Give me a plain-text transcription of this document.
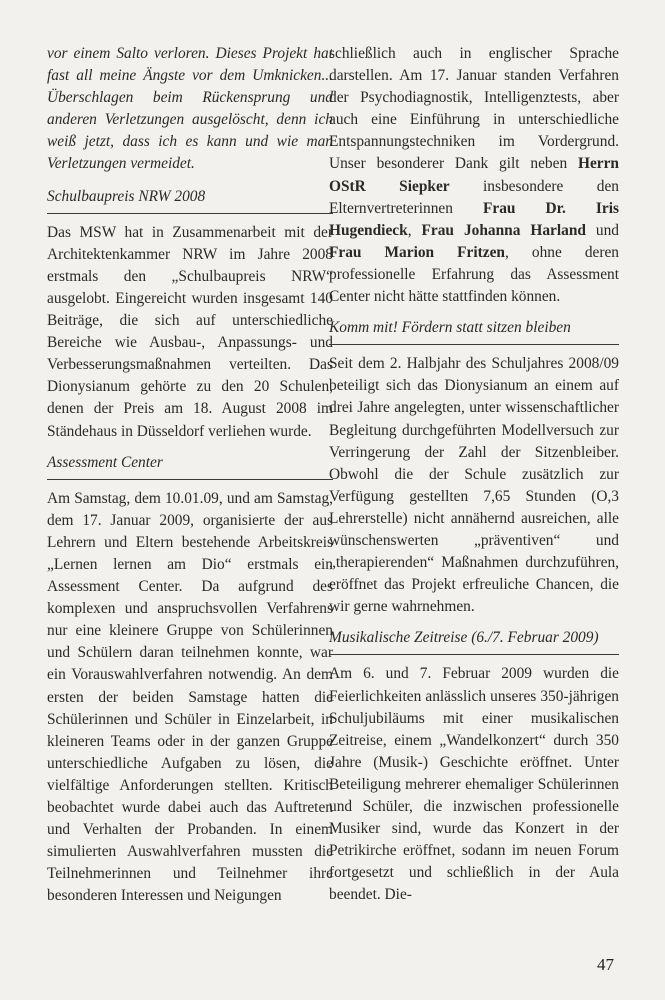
vor einem Salto verloren. Dieses Projekt hat fast all meine Ängste vor dem Umknicken... Überschlagen beim Rückensprung und anderen Verletzungen ausgelöscht, denn ich weiß jetzt, dass ich es kann und wie man Verletzungen vermeidet.

Schulbaupreis NRW 2008

Das MSW hat in Zusammenarbeit mit der Architektenkammer NRW im Jahre 2008 erstmals den „Schulbaupreis NRW“ ausgelobt. Eingereicht wurden insgesamt 140 Beiträge, die sich auf unterschiedliche Bereiche wie Ausbau-, Anpassungs- und Verbesserungsmaßnahmen verteilten. Das Dionysianum gehörte zu den 20 Schulen, denen der Preis am 18. August 2008 im Ständehaus in Düsseldorf verliehen wurde.

Assessment Center

Am Samstag, dem 10.01.09, und am Samstag, dem 17. Januar 2009, organisierte der aus Lehrern und Eltern bestehende Arbeitskreis „Lernen lernen am Dio“ erstmals ein Assessment Center. Da aufgrund des komplexen und anspruchsvollen Verfahrens nur eine kleinere Gruppe von Schülerinnen und Schülern daran teilnehmen konnte, war ein Vorauswahlverfahren notwendig. An dem ersten der beiden Samstage hatten die Schülerinnen und Schüler in Einzelarbeit, in kleineren Teams oder in der ganzen Gruppe unterschiedliche Aufgaben zu lösen, die vielfältige Anforderungen stellten. Kritisch beobachtet wurde dabei auch das Auftreten und Verhalten der Probanden. In einem simulierten Auswahlverfahren mussten die Teilnehmerinnen und Teilnehmer ihre besonderen Interessen und Neigungen

schließlich auch in englischer Sprache darstellen. Am 17. Januar standen Verfahren der Psychodiagnostik, Intelligenztests, aber auch eine Einführung in unterschiedliche Entspannungstechniken im Vordergrund. Unser besonderer Dank gilt neben Herrn OStR Siepker insbesondere den Elternvertreterinnen Frau Dr. Iris Hugendieck, Frau Johanna Harland und Frau Marion Fritzen, ohne deren professionelle Erfahrung das Assessment Center nicht hätte stattfinden können.

Komm mit! Fördern statt sitzen bleiben

Seit dem 2. Halbjahr des Schuljahres 2008/09 beteiligt sich das Dionysianum an einem auf drei Jahre angelegten, unter wissenschaftlicher Begleitung durchgeführten Modellversuch zur Verringerung der Zahl der Sitzenbleiber. Obwohl die der Schule zusätzlich zur Verfügung gestellten 7,65 Stunden (O,3 Lehrerstelle) nicht annähernd ausreichen, alle wünschenswerten „präventiven“ und „therapierenden“ Maßnahmen durchzuführen, eröffnet das Projekt erfreuliche Chancen, die wir gerne wahrnehmen.

Musikalische Zeitreise (6./7. Februar 2009)

Am 6. und 7. Februar 2009 wurden die Feierlichkeiten anlässlich unseres 350-jährigen Schuljubiläums mit einer musikalischen Zeitreise, einem „Wandelkonzert“ durch 350 Jahre (Musik-) Geschichte eröffnet. Unter Beteiligung mehrerer ehemaliger Schülerinnen und Schüler, die inzwischen professionelle Musiker sind, wurde das Konzert in der Petrikirche eröffnet, sodann im neuen Forum fortgesetzt und schließlich in der Aula beendet. Die-

47
